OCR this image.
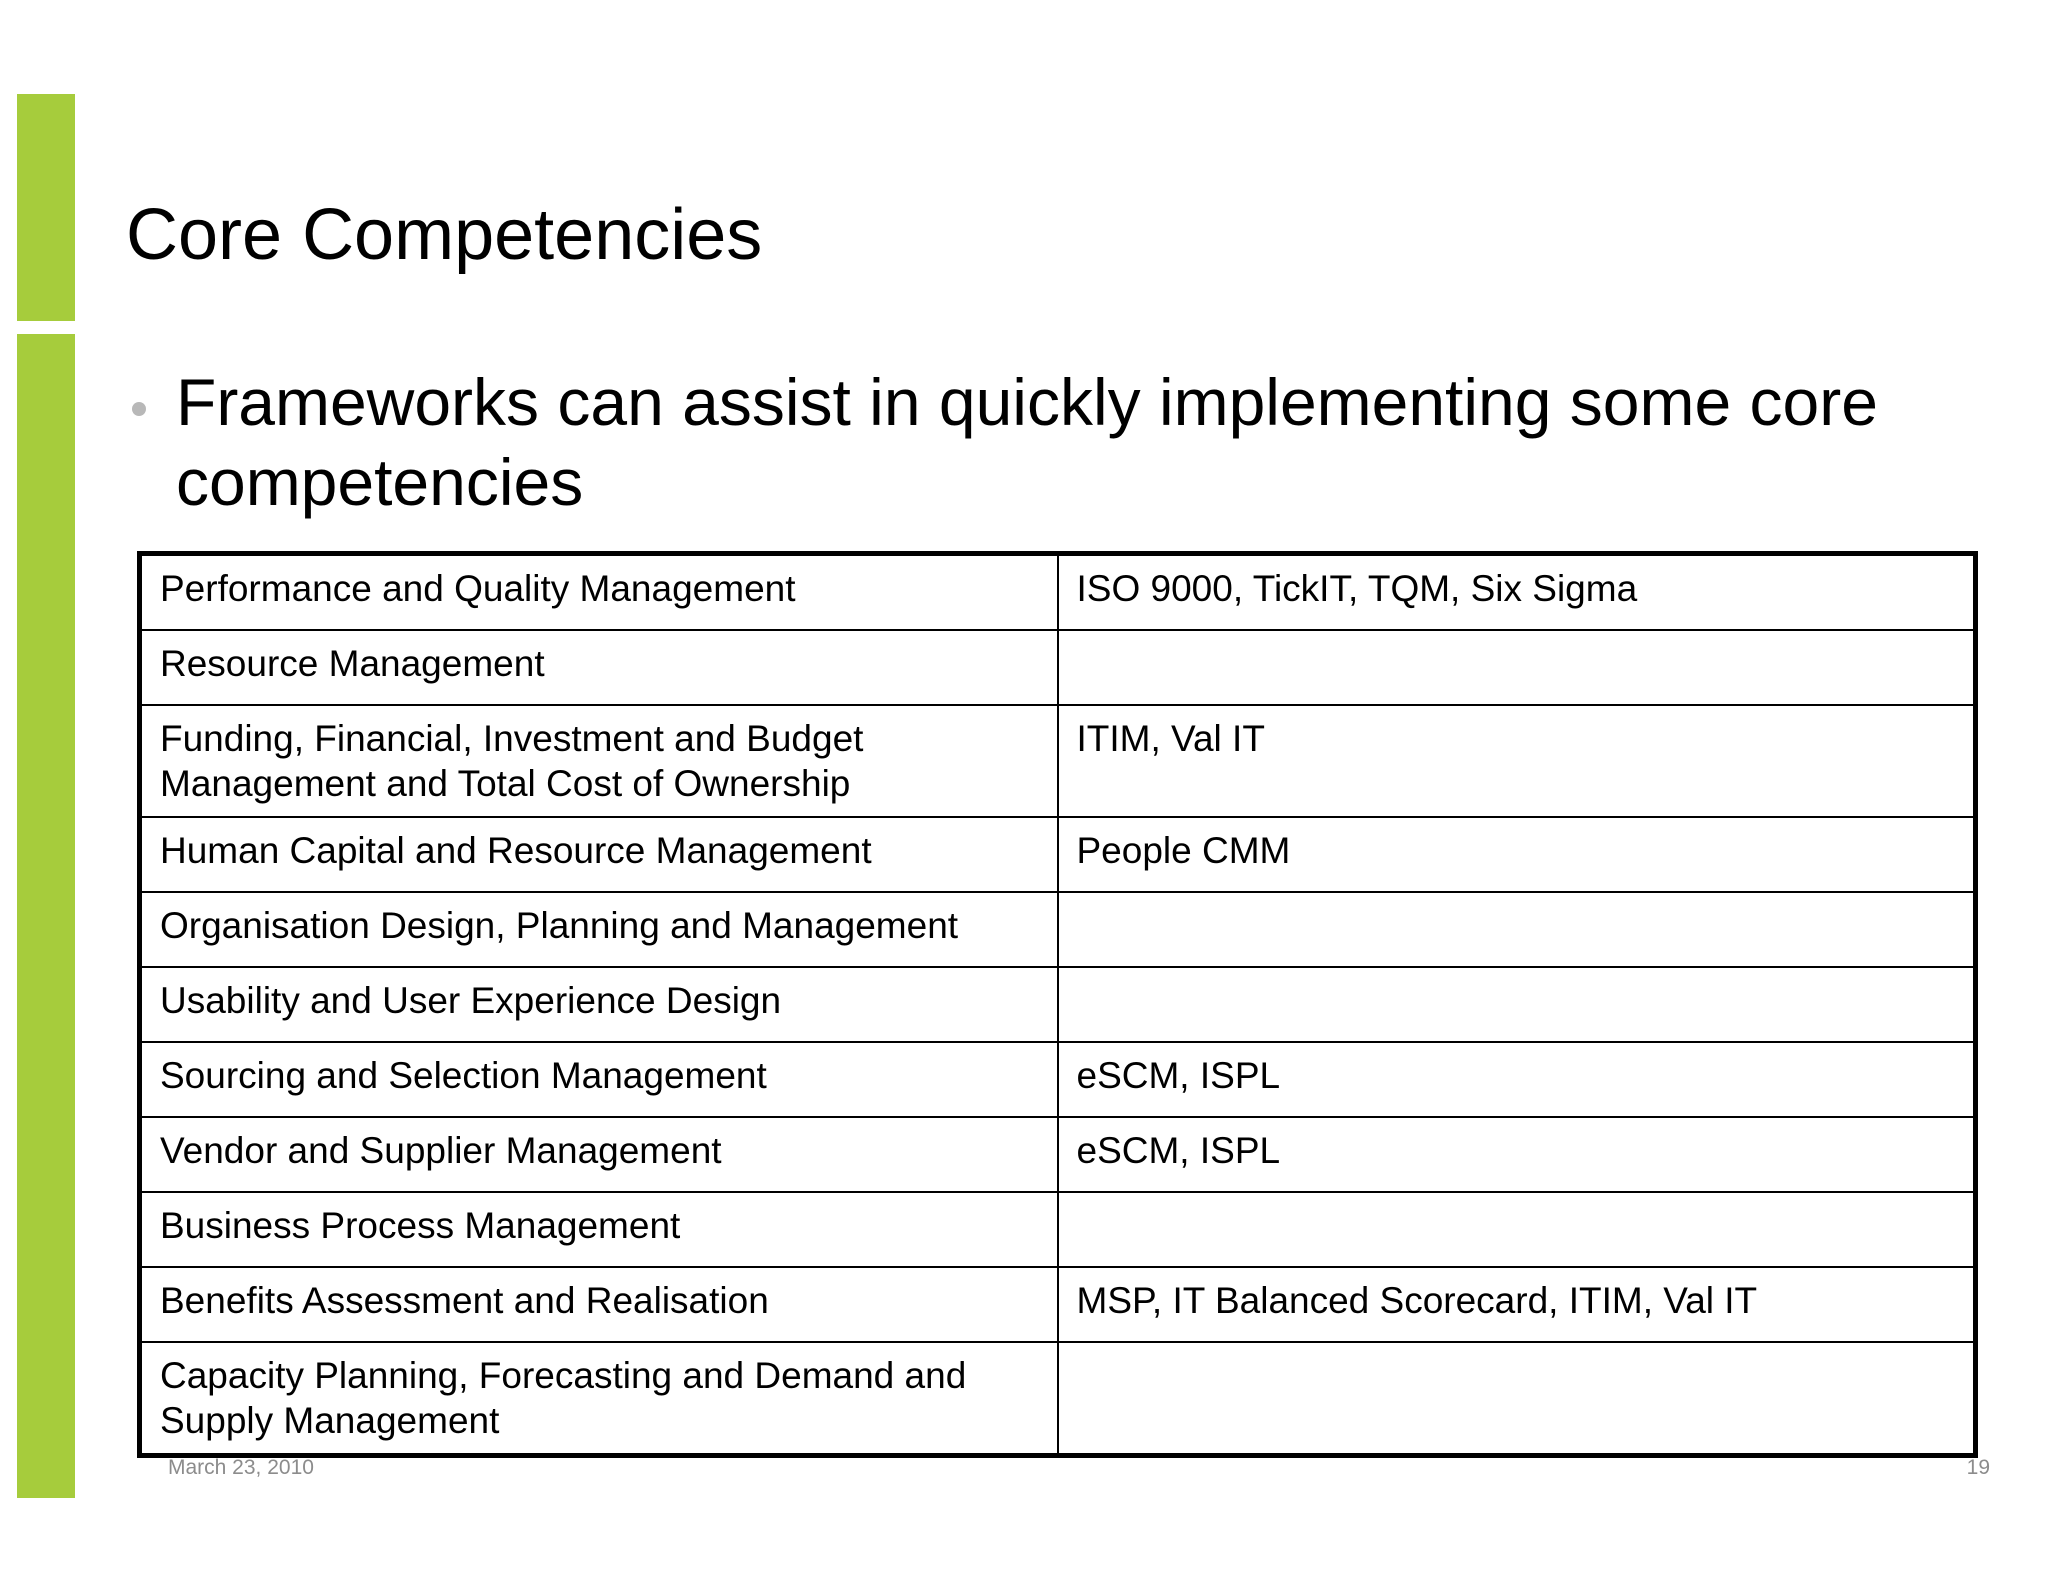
Core Competencies

Frameworks can assist in quickly implementing some core competencies

Performance and Quality Management	ISO 9000, TickIT, TQM, Six Sigma
Resource Management	
Funding, Financial, Investment and Budget Management and Total Cost of Ownership	ITIM, Val IT
Human Capital and Resource Management	People CMM
Organisation Design, Planning and Management	
Usability and User Experience Design	
Sourcing and Selection Management	eSCM, ISPL
Vendor and Supplier Management	eSCM, ISPL
Business Process Management	
Benefits Assessment and Realisation	MSP, IT Balanced Scorecard, ITIM, Val IT
Capacity Planning, Forecasting and Demand and Supply Management	
March 23, 2010	19
